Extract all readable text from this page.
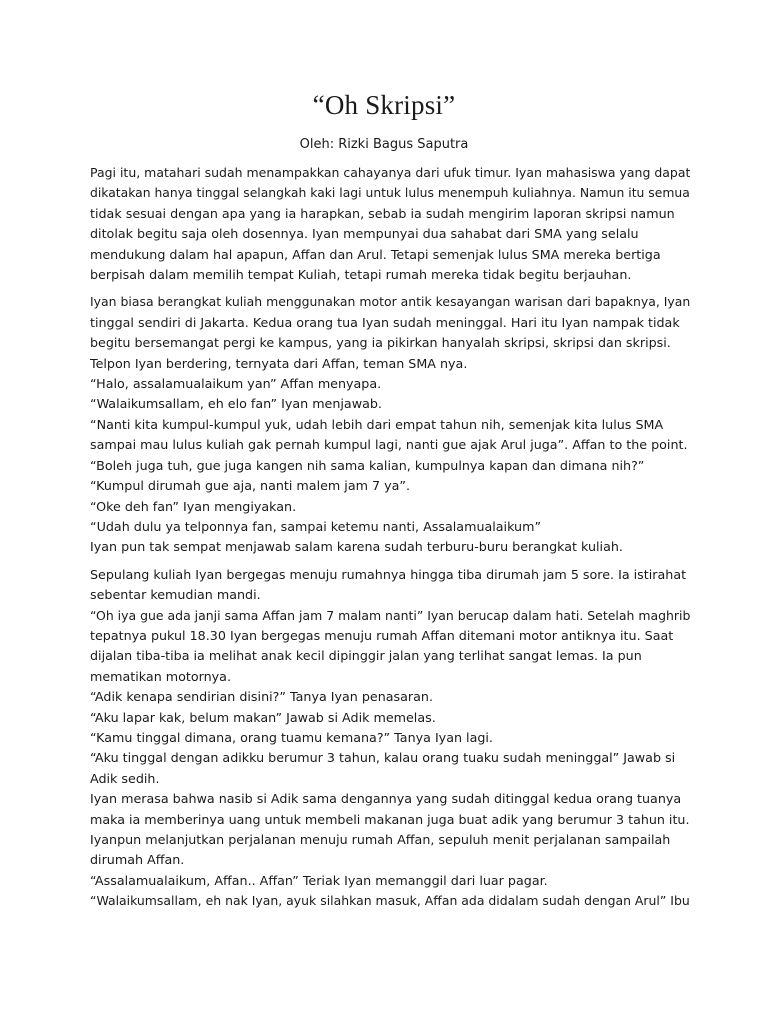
“Oh Skripsi”
Oleh: Rizki Bagus Saputra
Pagi itu, matahari sudah menampakkan cahayanya dari ufuk timur. Iyan mahasiswa yang dapat
dikatakan hanya tinggal selangkah kaki lagi untuk lulus menempuh kuliahnya. Namun itu semua
tidak sesuai dengan apa yang ia harapkan, sebab ia sudah mengirim laporan skripsi namun
ditolak begitu saja oleh dosennya. Iyan mempunyai dua sahabat dari SMA yang selalu
mendukung dalam hal apapun, Affan dan Arul. Tetapi semenjak lulus SMA mereka bertiga
berpisah dalam memilih tempat Kuliah, tetapi rumah mereka tidak begitu berjauhan.
Iyan biasa berangkat kuliah menggunakan motor antik kesayangan warisan dari bapaknya, Iyan
tinggal sendiri di Jakarta. Kedua orang tua Iyan sudah meninggal. Hari itu Iyan nampak tidak
begitu bersemangat pergi ke kampus, yang ia pikirkan hanyalah skripsi, skripsi dan skripsi.
Telpon Iyan berdering, ternyata dari Affan, teman SMA nya.
“Halo, assalamualaikum yan” Affan menyapa.
“Walaikumsallam, eh elo fan” Iyan menjawab.
“Nanti kita kumpul-kumpul yuk, udah lebih dari empat tahun nih, semenjak kita lulus SMA
sampai mau lulus kuliah gak pernah kumpul lagi, nanti gue ajak Arul juga”. Affan to the point.
“Boleh juga tuh, gue juga kangen nih sama kalian, kumpulnya kapan dan dimana nih?”
“Kumpul dirumah gue aja, nanti malem jam 7 ya”.
“Oke deh fan” Iyan mengiyakan.
“Udah dulu ya telponnya fan, sampai ketemu nanti, Assalamualaikum”
Iyan pun tak sempat menjawab salam karena sudah terburu-buru berangkat kuliah.
Sepulang kuliah Iyan bergegas menuju rumahnya hingga tiba dirumah jam 5 sore. Ia istirahat
sebentar kemudian mandi.
“Oh iya gue ada janji sama Affan jam 7 malam nanti” Iyan berucap dalam hati. Setelah maghrib
tepatnya pukul 18.30 Iyan bergegas menuju rumah Affan ditemani motor antiknya itu. Saat
dijalan tiba-tiba ia melihat anak kecil dipinggir jalan yang terlihat sangat lemas. Ia pun
mematikan motornya.
“Adik kenapa sendirian disini?” Tanya Iyan penasaran.
“Aku lapar kak, belum makan” Jawab si Adik memelas.
“Kamu tinggal dimana, orang tuamu kemana?” Tanya Iyan lagi.
“Aku tinggal dengan adikku berumur 3 tahun, kalau orang tuaku sudah meninggal” Jawab si
Adik sedih.
Iyan merasa bahwa nasib si Adik sama dengannya yang sudah ditinggal kedua orang tuanya
maka ia memberinya uang untuk membeli makanan juga buat adik yang berumur 3 tahun itu.
Iyanpun melanjutkan perjalanan menuju rumah Affan, sepuluh menit perjalanan sampailah
dirumah Affan.
“Assalamualaikum, Affan.. Affan” Teriak Iyan memanggil dari luar pagar.
“Walaikumsallam, eh nak Iyan, ayuk silahkan masuk, Affan ada didalam sudah dengan Arul” Ibu
